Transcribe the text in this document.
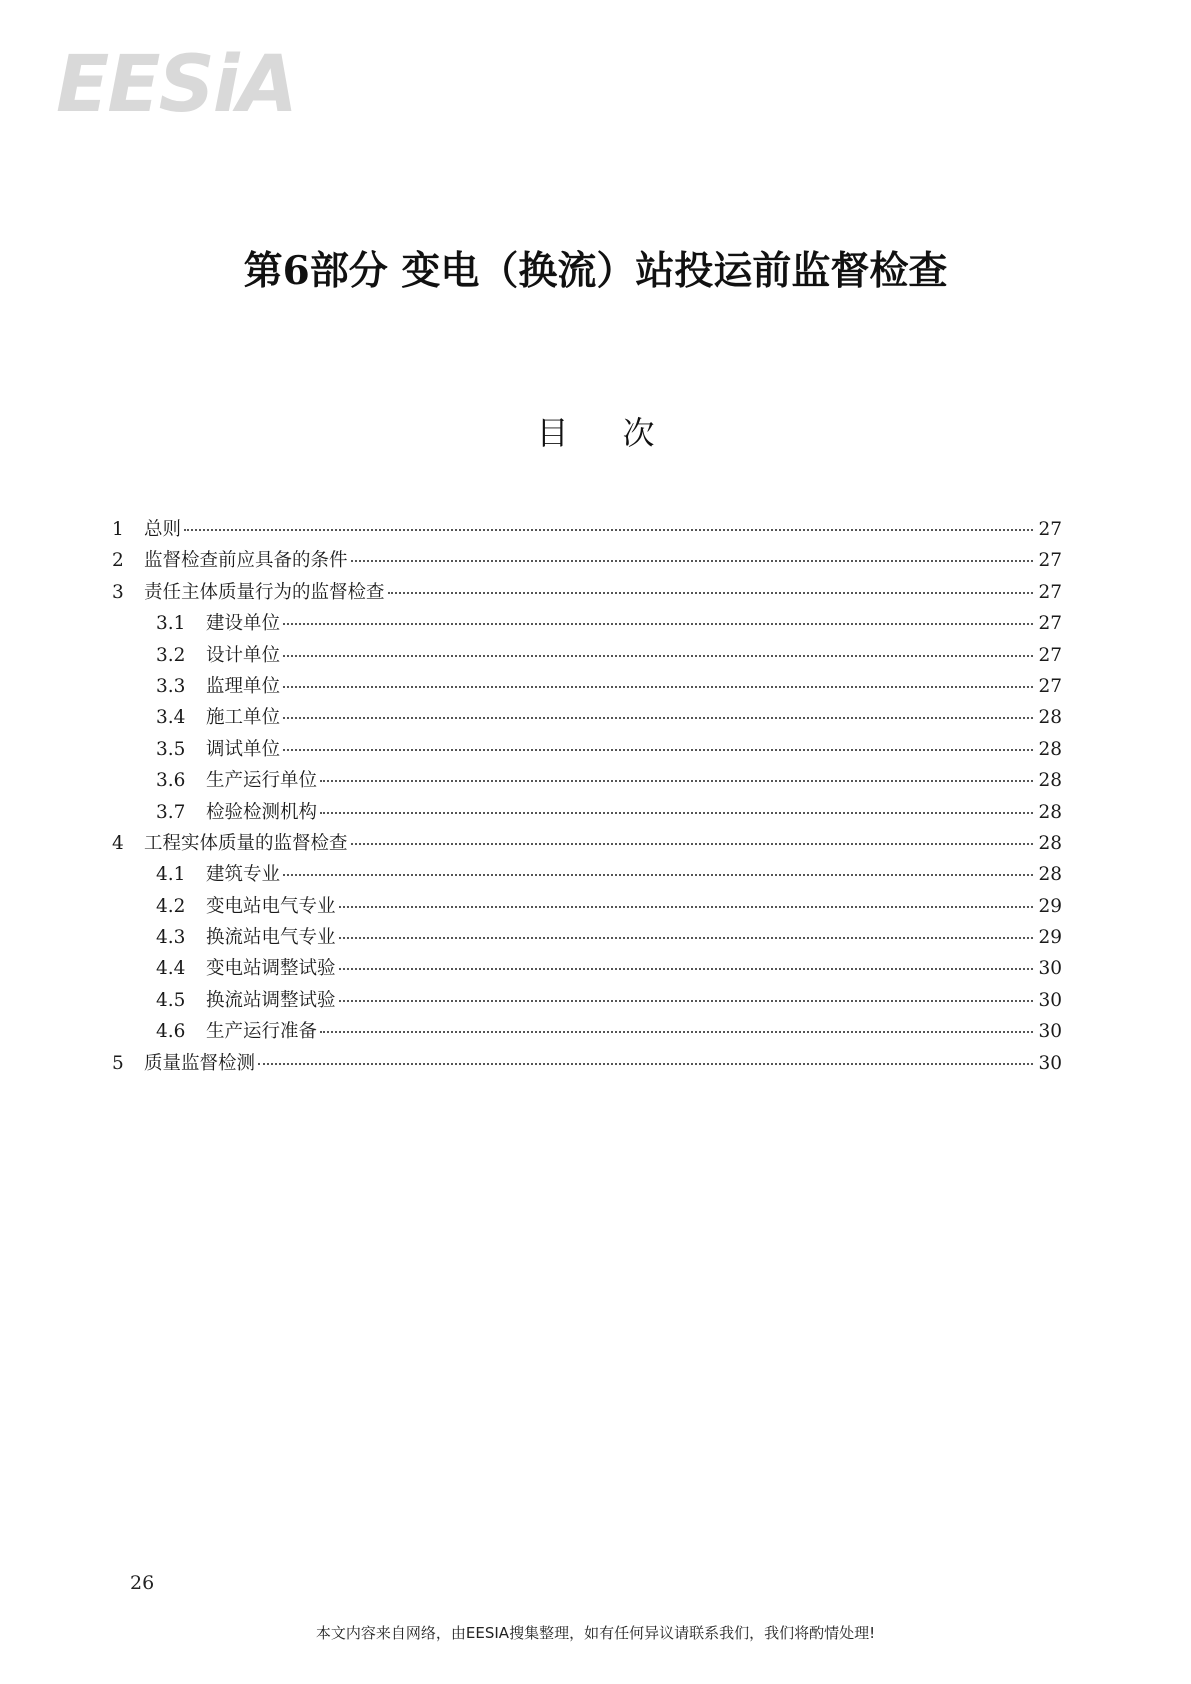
EESiA
第6部分 变电（换流）站投运前监督检查
目次
1	总则	27
2	监督检查前应具备的条件	27
3	责任主体质量行为的监督检查	27
3.1	建设单位	27
3.2	设计单位	27
3.3	监理单位	27
3.4	施工单位	28
3.5	调试单位	28
3.6	生产运行单位	28
3.7	检验检测机构	28
4	工程实体质量的监督检查	28
4.1	建筑专业	28
4.2	变电站电气专业	29
4.3	换流站电气专业	29
4.4	变电站调整试验	30
4.5	换流站调整试验	30
4.6	生产运行准备	30
5	质量监督检测	30
26
本文内容来自网络，由EESIA搜集整理，如有任何异议请联系我们，我们将酌情处理!
